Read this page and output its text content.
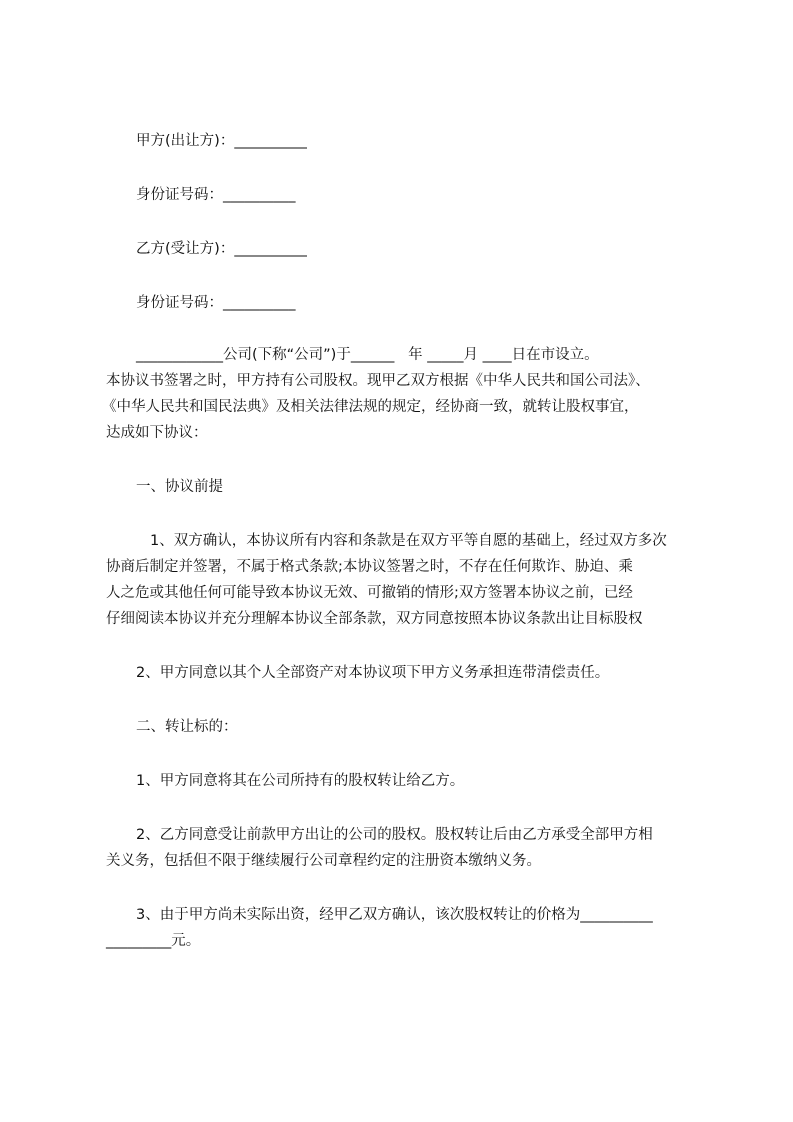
甲方(出让方)：__________
身份证号码：__________
乙方(受让方)：__________
身份证号码：__________
____________公司(下称“公司”)于______   年 _____月 ____日在市设立。
本协议书签署之时，甲方持有公司股权。现甲乙双方根据《中华人民共和国公司法》、
《中华人民共和国民法典》及相关法律法规的规定，经协商一致，就转让股权事宜，
达成如下协议：
一、协议前提
1、双方确认，本协议所有内容和条款是在双方平等自愿的基础上，经过双方多次
协商后制定并签署，不属于格式条款;本协议签署之时，不存在任何欺诈、胁迫、乘
人之危或其他任何可能导致本协议无效、可撤销的情形;双方签署本协议之前，已经
仔细阅读本协议并充分理解本协议全部条款，双方同意按照本协议条款出让目标股权
2、甲方同意以其个人全部资产对本协议项下甲方义务承担连带清偿责任。
二、转让标的：
1、甲方同意将其在公司所持有的股权转让给乙方。
2、乙方同意受让前款甲方出让的公司的股权。股权转让后由乙方承受全部甲方相
关义务，包括但不限于继续履行公司章程约定的注册资本缴纳义务。
3、由于甲方尚未实际出资，经甲乙双方确认，该次股权转让的价格为__________
_________元。
